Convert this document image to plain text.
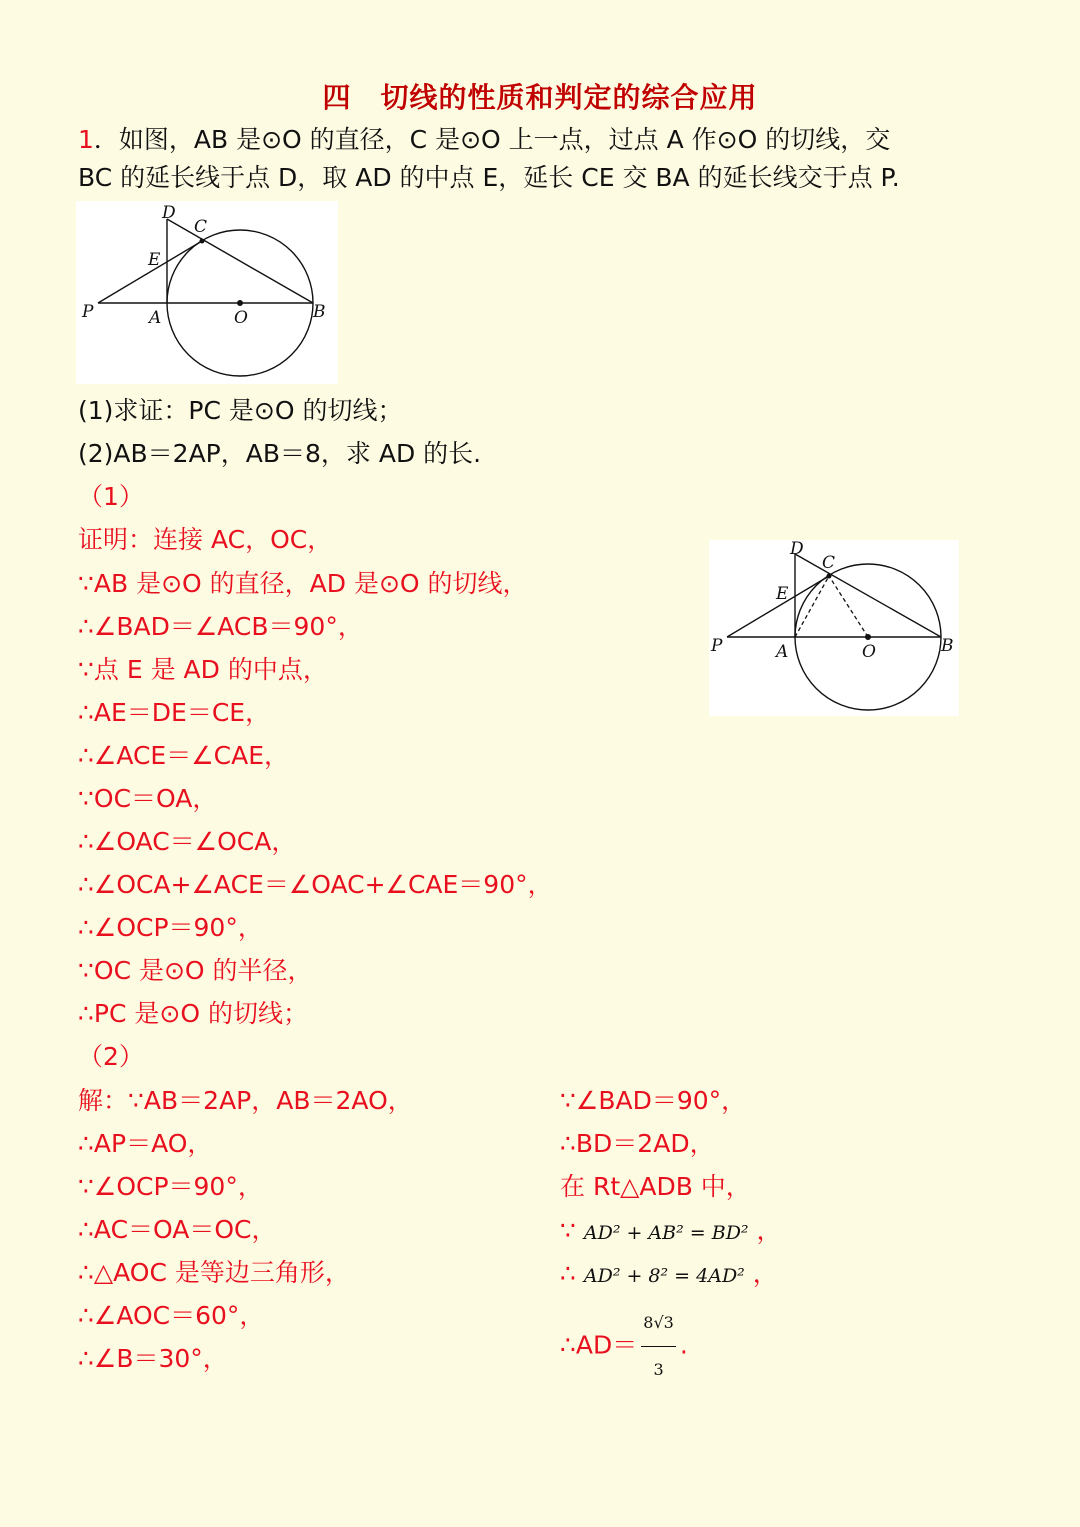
四　切线的性质和判定的综合应用
1．如图，AB 是⊙O 的直径，C 是⊙O 上一点，过点 A 作⊙O 的切线，交
BC 的延长线于点 D，取 AD 的中点 E，延长 CE 交 BA 的延长线交于点 P.
D
C
E
P	A	O	B
(1)求证：PC 是⊙O 的切线；
(2)AB＝2AP，AB＝8，求 AD 的长.
（1）
证明：连接 AC，OC，
∵AB 是⊙O 的直径，AD 是⊙O 的切线，
∴∠BAD＝∠ACB＝90°，
∵点 E 是 AD 的中点，
∴AE＝DE＝CE，
∴∠ACE＝∠CAE，
∵OC＝OA，
∴∠OAC＝∠OCA，
∴∠OCA+∠ACE＝∠OAC+∠CAE＝90°，
∴∠OCP＝90°，
∵OC 是⊙O 的半径，
∴PC 是⊙O 的切线；
D
C
E
P	A	O	B
（2）
解：∵AB＝2AP，AB＝2AO，
∴AP＝AO，
∵∠OCP＝90°，
∴AC＝OA＝OC，
∴△AOC 是等边三角形，
∴∠AOC＝60°，
∴∠B＝30°，
∵∠BAD＝90°，
∴BD＝2AD，
在 Rt△ADB 中，
∵ AD² + AB² = BD² ，
∴ AD² + 8² = 4AD² ，
∴AD＝ $\frac{8√3}{3}$ .
